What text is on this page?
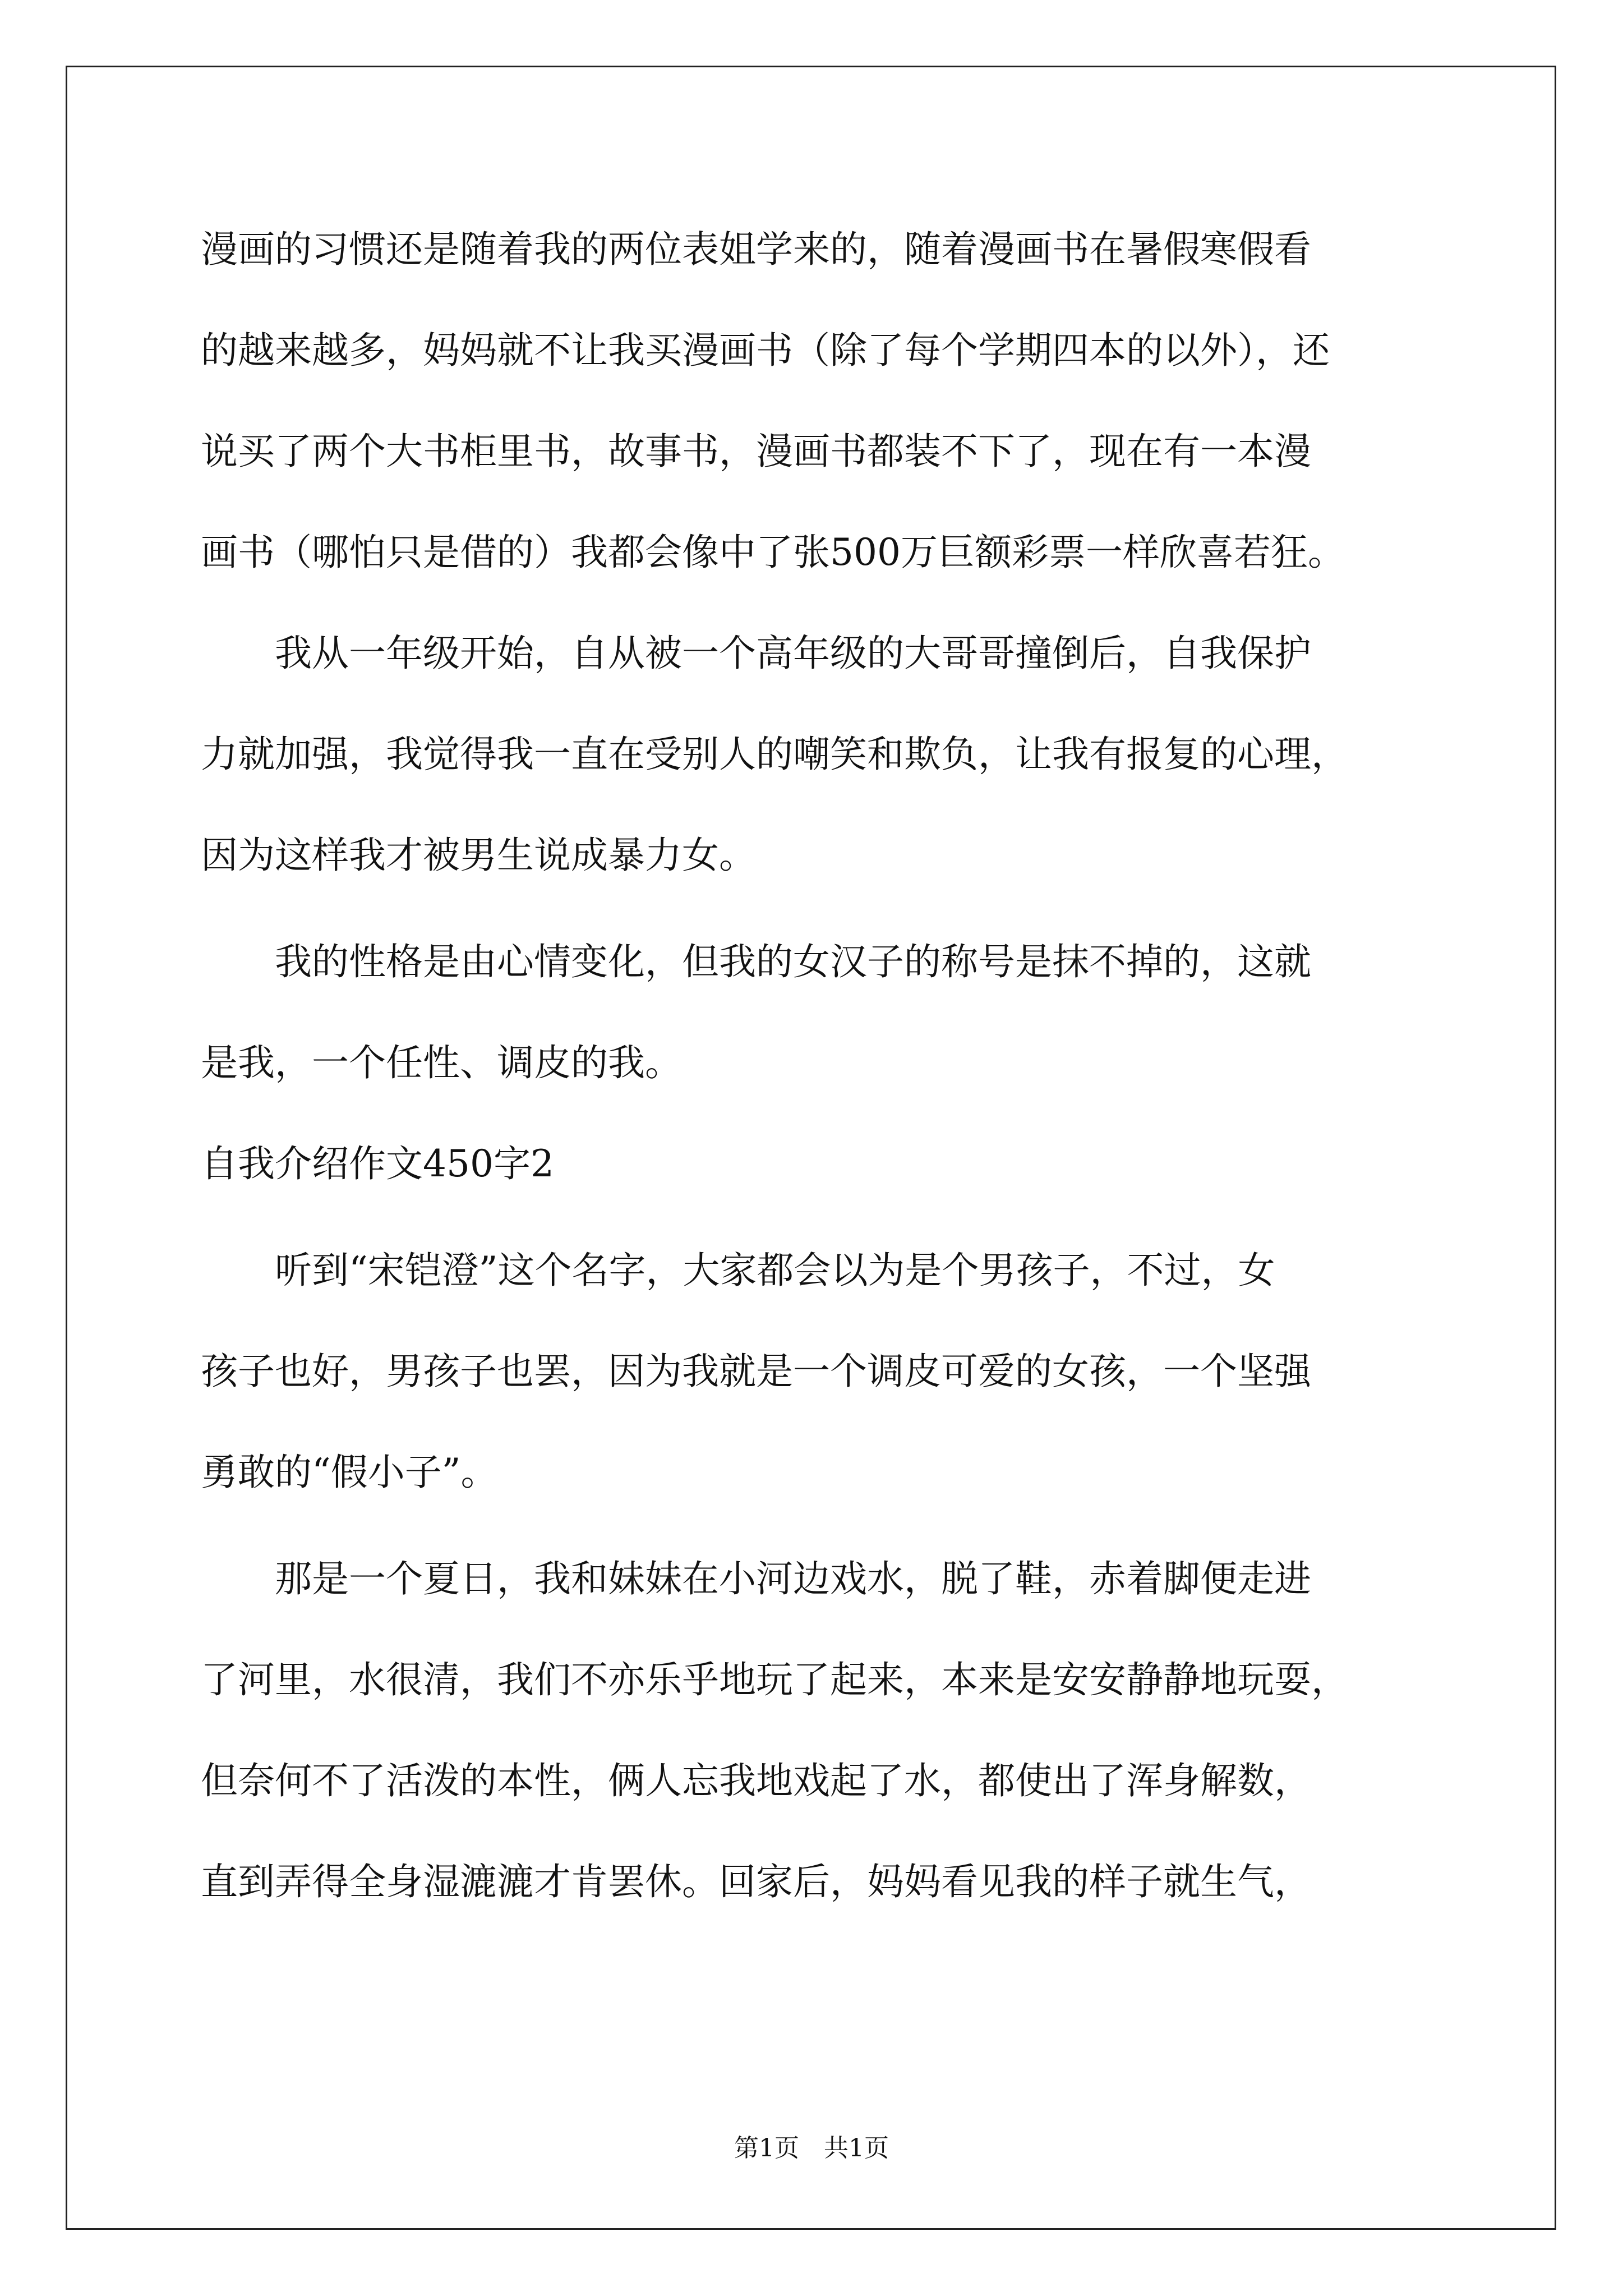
漫画的习惯还是随着我的两位表姐学来的，随着漫画书在暑假寒假看

的越来越多，妈妈就不让我买漫画书（除了每个学期四本的以外），还

说买了两个大书柜里书，故事书，漫画书都装不下了，现在有一本漫

画书（哪怕只是借的）我都会像中了张500万巨额彩票一样欣喜若狂。

　　我从一年级开始，自从被一个高年级的大哥哥撞倒后，自我保护

力就加强，我觉得我一直在受别人的嘲笑和欺负，让我有报复的心理，

因为这样我才被男生说成暴力女。

　　我的性格是由心情变化，但我的女汉子的称号是抹不掉的，这就

是我，一个任性、调皮的我。

自我介绍作文450字2

　　听到“宋铠澄”这个名字，大家都会以为是个男孩子，不过，女

孩子也好，男孩子也罢，因为我就是一个调皮可爱的女孩，一个坚强

勇敢的“假小子”。

　　那是一个夏日，我和妹妹在小河边戏水，脱了鞋，赤着脚便走进

了河里，水很清，我们不亦乐乎地玩了起来，本来是安安静静地玩耍，

但奈何不了活泼的本性，俩人忘我地戏起了水，都使出了浑身解数，

直到弄得全身湿漉漉才肯罢休。回家后，妈妈看见我的样子就生气，

第1页　共1页
